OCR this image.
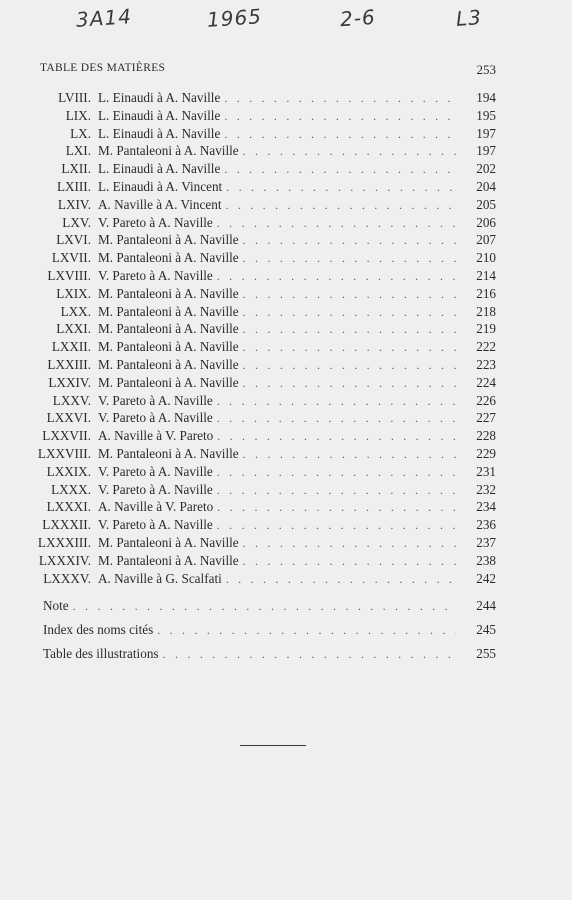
3A14	1965	2-6	L3
TABLE DES MATIÈRES	253
LVIII. L. Einaudi à A. Naville . . .	194
LIX. L. Einaudi à A. Naville . . .	195
LX. L. Einaudi à A. Naville . . .	197
LXI. M. Pantaleoni à A. Naville . . .	197
LXII. L. Einaudi à A. Naville . . .	202
LXIII. L. Einaudi à A. Vincent . . .	204
LXIV. A. Naville à A. Vincent . . .	205
LXV. V. Pareto à A. Naville . . .	206
LXVI. M. Pantaleoni à A. Naville . . .	207
LXVII. M. Pantaleoni à A. Naville . . .	210
LXVIII. V. Pareto à A. Naville . . .	214
LXIX. M. Pantaleoni à A. Naville . . .	216
LXX. M. Pantaleoni à A. Naville . . .	218
LXXI. M. Pantaleoni à A. Naville . . .	219
LXXII. M. Pantaleoni à A. Naville . . .	222
LXXIII. M. Pantaleoni à A. Naville . . .	223
LXXIV. M. Pantaleoni à A. Naville . . .	224
LXXV. V. Pareto à A. Naville . . .	226
LXXVI. V. Pareto à A. Naville . . .	227
LXXVII. A. Naville à V. Pareto . . .	228
LXXVIII. M. Pantaleoni à A. Naville . . .	229
LXXIX. V. Pareto à A. Naville . . .	231
LXXX. V. Pareto à A. Naville . . .	232
LXXXI. A. Naville à V. Pareto . . .	234
LXXXII. V. Pareto à A. Naville . . .	236
LXXXIII. M. Pantaleoni à A. Naville . . .	237
LXXXIV. M. Pantaleoni à A. Naville . . .	238
LXXXV. A. Naville à G. Scalfati . . .	242
Note . . .	244
Index des noms cités . . .	245
Table des illustrations . . .	255
